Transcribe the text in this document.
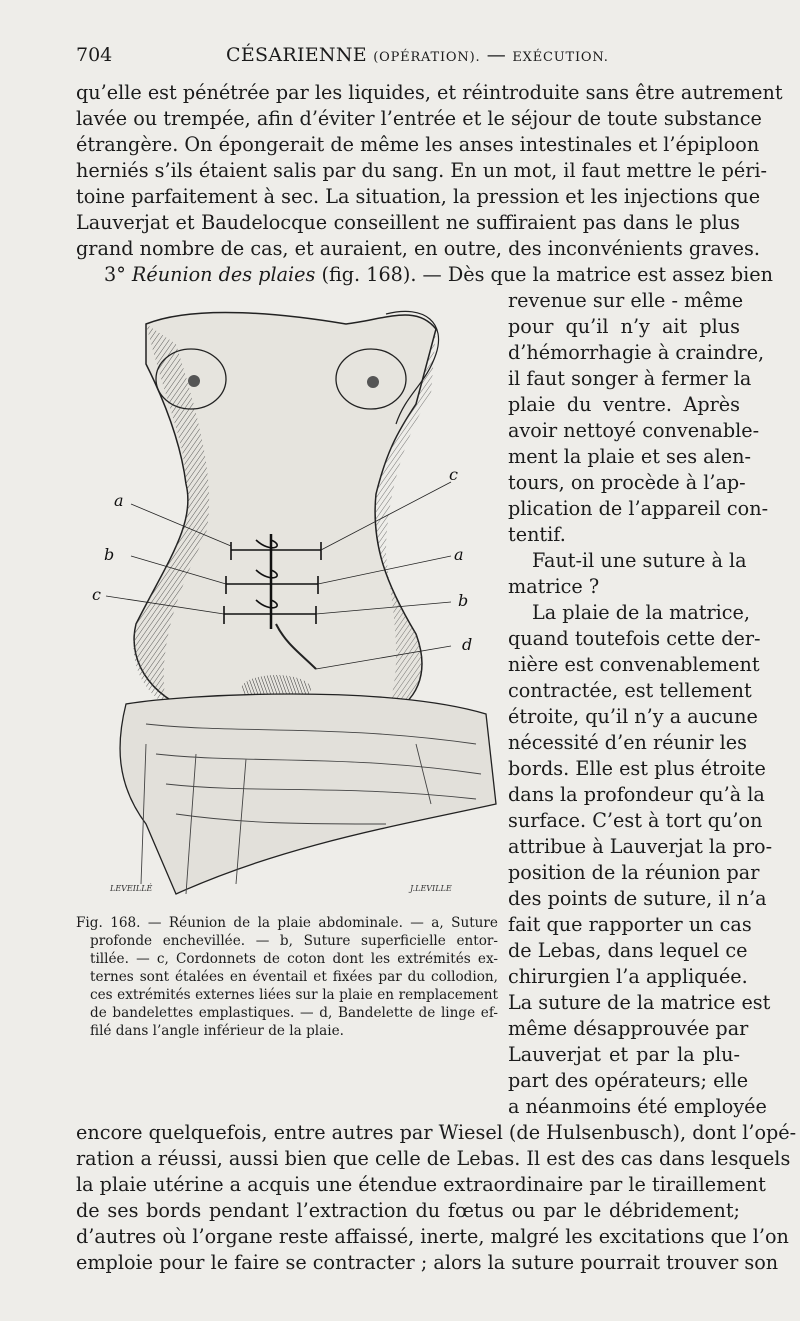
704	CÉSARIENNE (OPÉRATION). — EXÉCUTION.
qu’elle est pénétrée par les liquides, et réintroduite sans être autrement
lavée ou trempée, afin d’éviter l’entrée et le séjour de toute substance
étrangère. On épongerait de même les anses intestinales et l’épiploon
herniés s’ils étaient salis par du sang. En un mot, il faut mettre le péri-
toine parfaitement à sec. La situation, la pression et les injections que
Lauverjat et Baudelocque conseillent ne suffiraient pas dans le plus
grand nombre de cas, et auraient, en outre, des inconvénients graves.
3° Réunion des plaies (fig. 168). — Dès que la matrice est assez bien
a
b
c
c
a
b
d
LEVEILLÉ	J.LEVILLE
revenue sur elle - même
pour qu’il n’y ait plus
d’hémorrhagie à craindre,
il faut songer à fermer la
plaie du ventre. Après
avoir nettoyé convenable-
ment la plaie et ses alen-
tours, on procède à l’ap-
plication de l’appareil con-
tentif.
Faut-il une suture à la
matrice ?
La plaie de la matrice,
quand toutefois cette der-
nière est convenablement
contractée, est tellement
étroite, qu’il n’y a aucune
nécessité d’en réunir les
bords. Elle est plus étroite
dans la profondeur qu’à la
surface. C’est à tort qu’on
attribue à Lauverjat la pro-
position de la réunion par
des points de suture, il n’a
fait que rapporter un cas
de Lebas, dans lequel ce
chirurgien l’a appliquée.
La suture de la matrice est
même désapprouvée par
Lauverjat et par la plu-
part des opérateurs; elle
a néanmoins été employée
Fig. 168. — Réunion de la plaie abdominale. — a, Suture
profonde enchevillée. — b, Suture superficielle entor-
tillée. — c, Cordonnets de coton dont les extrémités ex-
ternes sont étalées en éventail et fixées par du collodion,
ces extrémités externes liées sur la plaie en remplacement
de bandelettes emplastiques. — d, Bandelette de linge ef-
filé dans l’angle inférieur de la plaie.
encore quelquefois, entre autres par Wiesel (de Hulsenbusch), dont l’opé-
ration a réussi, aussi bien que celle de Lebas. Il est des cas dans lesquels
la plaie utérine a acquis une étendue extraordinaire par le tiraillement
de ses bords pendant l’extraction du fœtus ou par le débridement;
d’autres où l’organe reste affaissé, inerte, malgré les excitations que l’on
emploie pour le faire se contracter ; alors la suture pourrait trouver son
